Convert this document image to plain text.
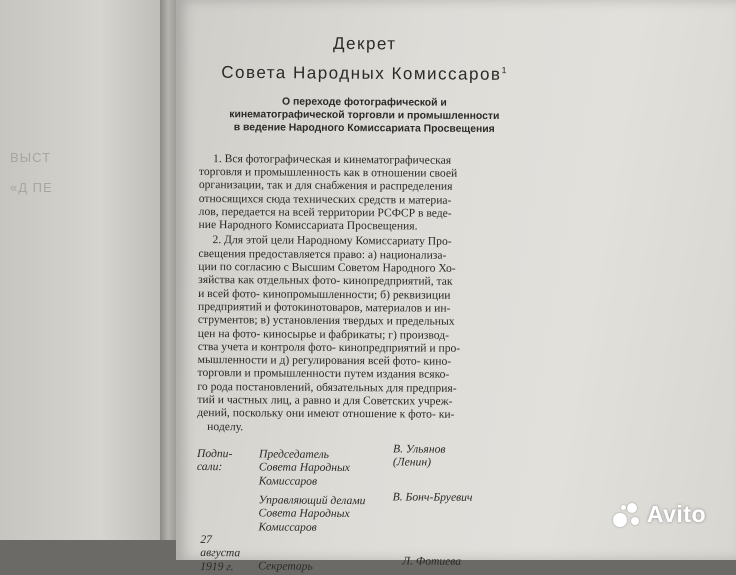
ВЫСТ
«Д ПЕ
Декрет
Совета Народных Комиссаров$^1$
О переходе фотографической и
кинематографической торговли и промышленности
в ведение Народного Комиссариата Просвещения
1. Вся фотографическая и кинематографическая
торговля и промышленность как в отношении своей
организации, так и для снабжения и распределения
относящихся сюда технических средств и материа-
лов, передается на всей территории РСФСР в веде-
ние Народного Комиссариата Просвещения.
2. Для этой цели Народному Комиссариату Про-
свещения предоставляется право: а) национализа-
ции по согласию с Высшим Советом Народного Хо-
зяйства как отдельных фото- кинопредприятий, так
и всей фото- кинопромышленности; б) реквизиции
предприятий и фотокинотоваров, материалов и ин-
струментов; в) установления твердых и предельных
цен на фото- киносырье и фабрикаты; г) производ-
ства учета и контроля фото- кинопредприятий и про-
мышленности и д) регулирования всей фото- кино-
торговли и промышленности путем издания всяко-
го рода постановлений, обязательных для предприя-
тий и частных лиц, а равно и для Советских учреж-
дений, поскольку они имеют отношение к фото- ки-
ноделу.
Подпи-
сали:
Председатель
Совета Народных
Комиссаров
В. Ульянов
(Ленин)
Управляющий делами
Совета Народных
Комиссаров
В. Бонч-Бруевич
27
августа
1919 г.	Секретарь	Л. Фотиева
Avito
